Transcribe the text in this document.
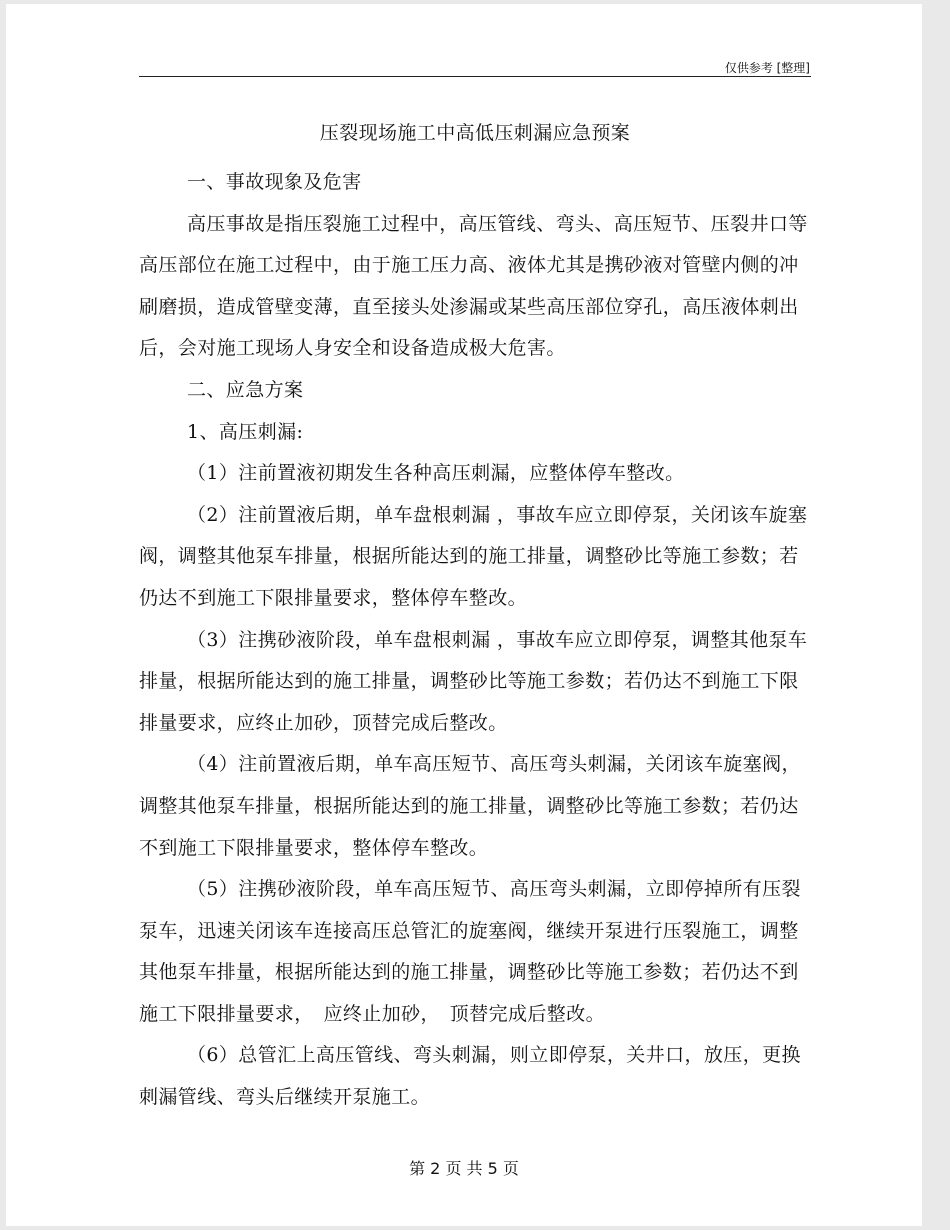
仅供参考 [整理]
压裂现场施工中高低压刺漏应急预案

一、事故现象及危害

高压事故是指压裂施工过程中，高压管线、弯头、高压短节、压裂井口等高压部位在施工过程中，由于施工压力高、液体尤其是携砂液对管壁内侧的冲刷磨损，造成管壁变薄，直至接头处渗漏或某些高压部位穿孔，高压液体刺出后，会对施工现场人身安全和设备造成极大危害。

二、应急方案

1、高压刺漏:

（1）注前置液初期发生各种高压刺漏，应整体停车整改。

（2）注前置液后期，单车盘根刺漏 ，事故车应立即停泵，关闭该车旋塞阀，调整其他泵车排量，根据所能达到的施工排量，调整砂比等施工参数；若仍达不到施工下限排量要求，整体停车整改。

（3）注携砂液阶段，单车盘根刺漏 ，事故车应立即停泵，调整其他泵车排量，根据所能达到的施工排量，调整砂比等施工参数；若仍达不到施工下限排量要求，应终止加砂，顶替完成后整改。

（4）注前置液后期，单车高压短节、高压弯头刺漏，关闭该车旋塞阀，调整其他泵车排量，根据所能达到的施工排量，调整砂比等施工参数；若仍达不到施工下限排量要求，整体停车整改。

（5）注携砂液阶段，单车高压短节、高压弯头刺漏，立即停掉所有压裂泵车，迅速关闭该车连接高压总管汇的旋塞阀，继续开泵进行压裂施工，调整其他泵车排量，根据所能达到的施工排量，调整砂比等施工参数；若仍达不到施工下限排量要求，　应终止加砂，　顶替完成后整改。

（6）总管汇上高压管线、弯头刺漏，则立即停泵，关井口，放压，更换刺漏管线、弯头后继续开泵施工。

第 2 页 共 5 页
